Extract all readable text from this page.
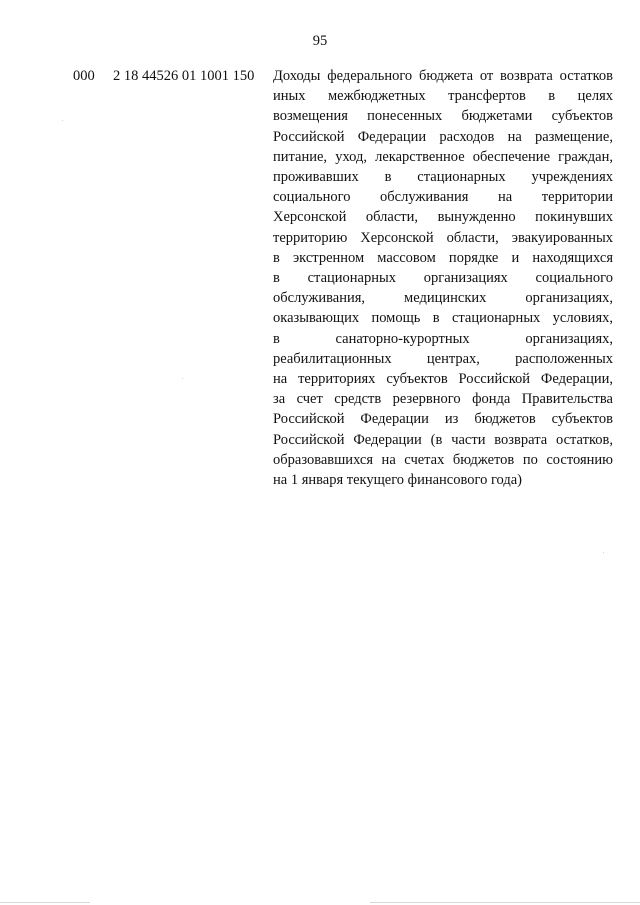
95
000 2 18 44526 01 1001 150 Доходы федерального бюджета от возврата остатков
иных межбюджетных трансфертов в целях
возмещения понесенных бюджетами субъектов
Российской Федерации расходов на размещение,
питание, уход, лекарственное обеспечение граждан,
проживавших в стационарных учреждениях
социального обслуживания на территории
Херсонской области, вынужденно покинувших
территорию Херсонской области, эвакуированных
в экстренном массовом порядке и находящихся
в стационарных организациях социального
обслуживания, медицинских организациях,
оказывающих помощь в стационарных условиях,
в санаторно-курортных организациях,
реабилитационных центрах, расположенных
на территориях субъектов Российской Федерации,
за счет средств резервного фонда Правительства
Российской Федерации из бюджетов субъектов
Российской Федерации (в части возврата остатков,
образовавшихся на счетах бюджетов по состоянию
на 1 января текущего финансового года)
